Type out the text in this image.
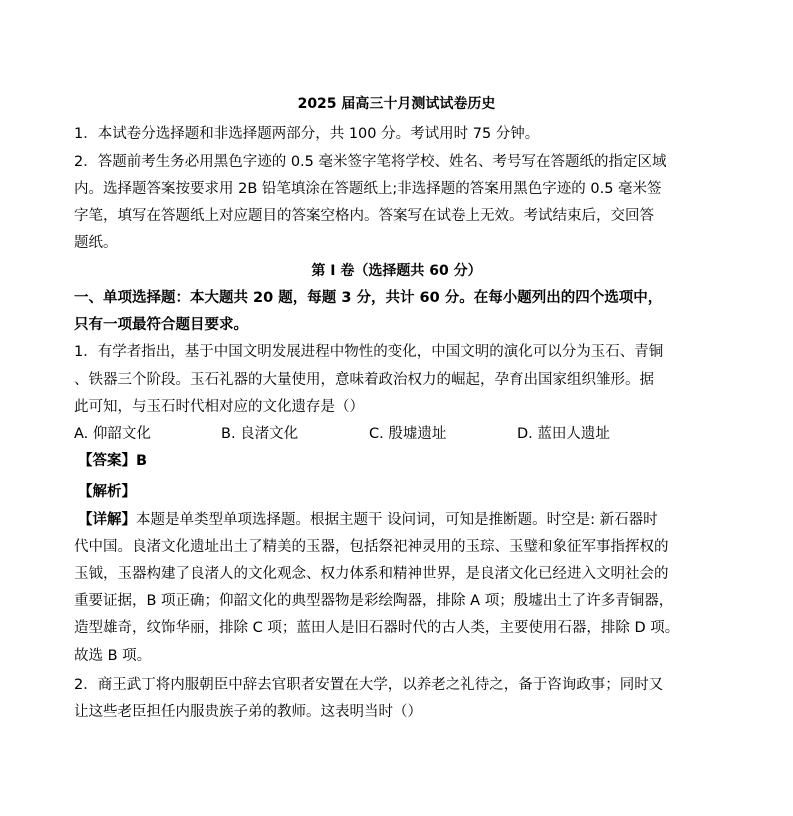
2025 届高三十月测试试卷历史
1．本试卷分选择题和非选择题两部分，共 100 分。考试用时 75 分钟。
2．答题前考生务必用黑色字迹的 0.5 毫米签字笔将学校、姓名、考号写在答题纸的指定区域
内。选择题答案按要求用 2B 铅笔填涂在答题纸上;非选择题的答案用黑色字迹的 0.5 毫米签
字笔，填写在答题纸上对应题目的答案空格内。答案写在试卷上无效。考试结束后，交回答
题纸。
第 I 卷（选择题共 60 分）
一、单项选择题：本大题共 20 题，每题 3 分，共计 60 分。在每小题列出的四个选项中，
只有一项最符合题目要求。
1．有学者指出，基于中国文明发展进程中物性的变化，中国文明的演化可以分为玉石、青铜
、铁器三个阶段。玉石礼器的大量使用，意味着政治权力的崛起，孕育出国家组织雏形。据
此可知，与玉石时代相对应的文化遗存是（）
A. 仰韶文化	B. 良渚文化	C. 殷墟遗址	D. 蓝田人遗址
【答案】B
【解析】
【详解】本题是单类型单项选择题。根据主题干 设问词，可知是推断题。时空是: 新石器时
代中国。良渚文化遗址出土了精美的玉器，包括祭祀神灵用的玉琮、玉璧和象征军事指挥权的
玉钺，玉器构建了良渚人的文化观念、权力体系和精神世界，是良渚文化已经进入文明社会的
重要证据，B 项正确；仰韶文化的典型器物是彩绘陶器，排除 A 项；殷墟出土了许多青铜器，
造型雄奇，纹饰华丽，排除 C 项；蓝田人是旧石器时代的古人类，主要使用石器，排除 D 项。
故选 B 项。
2．商王武丁将内服朝臣中辞去官职者安置在大学，以养老之礼待之，备于咨询政事；同时又
让这些老臣担任内服贵族子弟的教师。这表明当时（）
